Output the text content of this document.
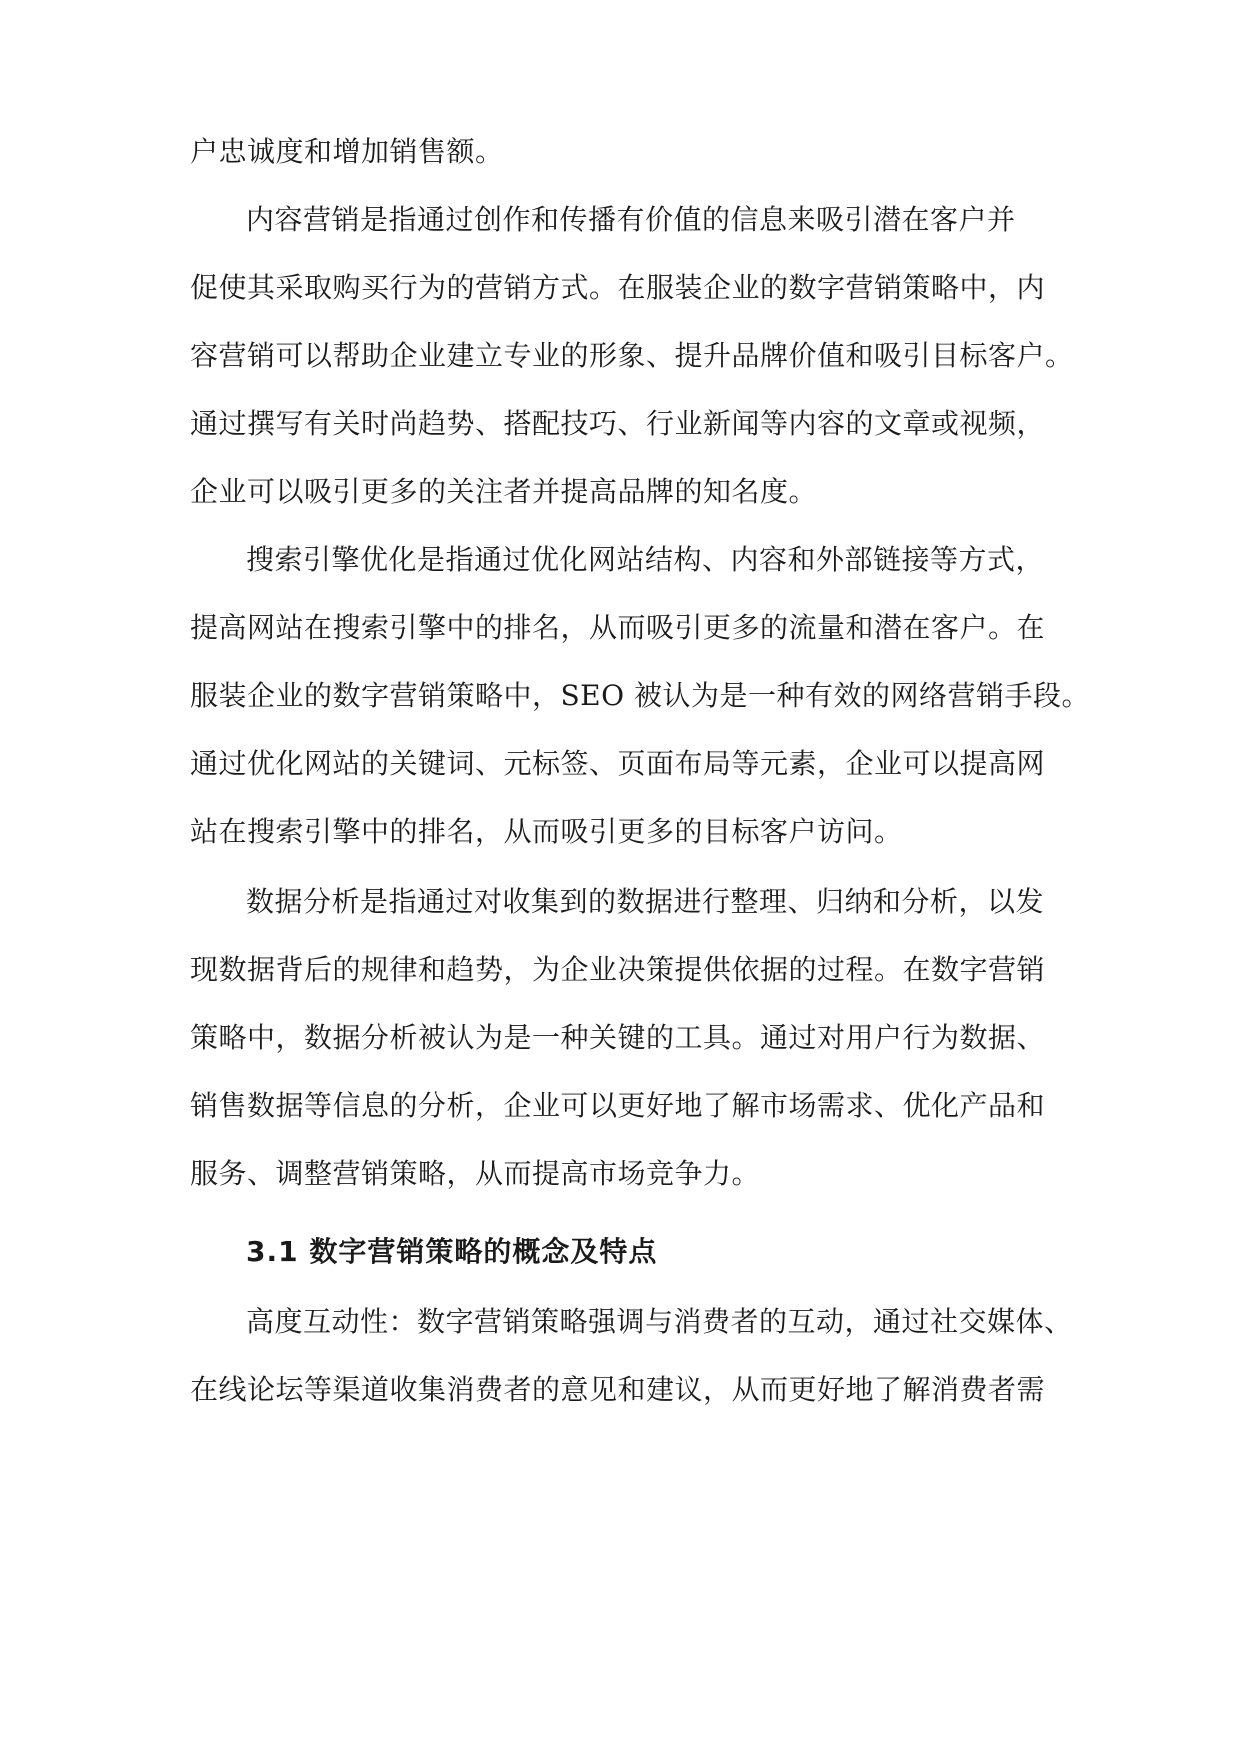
户忠诚度和增加销售额。
内容营销是指通过创作和传播有价值的信息来吸引潜在客户并
促使其采取购买行为的营销方式。在服装企业的数字营销策略中，内
容营销可以帮助企业建立专业的形象、提升品牌价值和吸引目标客户。
通过撰写有关时尚趋势、搭配技巧、行业新闻等内容的文章或视频，
企业可以吸引更多的关注者并提高品牌的知名度。
搜索引擎优化是指通过优化网站结构、内容和外部链接等方式，
提高网站在搜索引擎中的排名，从而吸引更多的流量和潜在客户。在
服装企业的数字营销策略中，SEO 被认为是一种有效的网络营销手段。
通过优化网站的关键词、元标签、页面布局等元素，企业可以提高网
站在搜索引擎中的排名，从而吸引更多的目标客户访问。
数据分析是指通过对收集到的数据进行整理、归纳和分析，以发
现数据背后的规律和趋势，为企业决策提供依据的过程。在数字营销
策略中，数据分析被认为是一种关键的工具。通过对用户行为数据、
销售数据等信息的分析，企业可以更好地了解市场需求、优化产品和
服务、调整营销策略，从而提高市场竞争力。
3.1 数字营销策略的概念及特点
高度互动性：数字营销策略强调与消费者的互动，通过社交媒体、
在线论坛等渠道收集消费者的意见和建议，从而更好地了解消费者需
